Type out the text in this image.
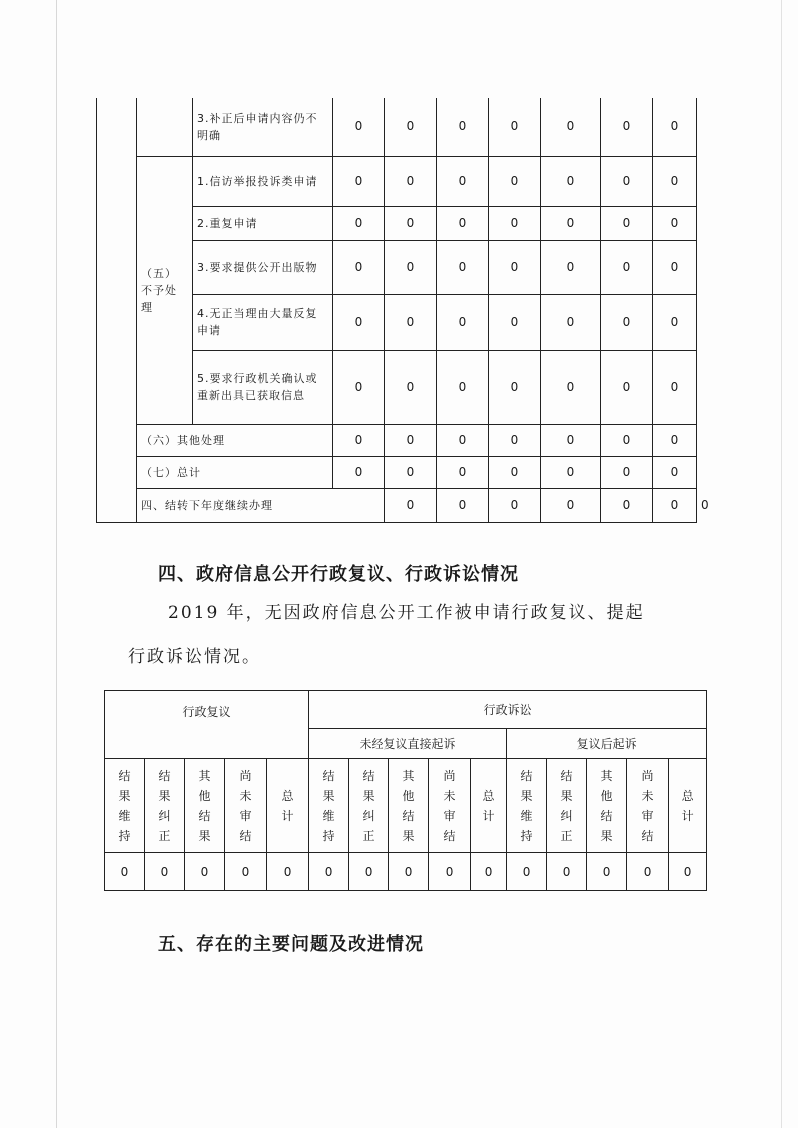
		3.补正后申请内容仍不明确	0	0	0	0	0	0	0	
	（五）不予处理	1.信访举报投诉类申请	0	0	0	0	0	0	0	
		2.重复申请	0	0	0	0	0	0	0	
		3.要求提供公开出版物	0	0	0	0	0	0	0	
		4.无正当理由大量反复申请	0	0	0	0	0	0	0	
		5.要求行政机关确认或重新出具已获取信息	0	0	0	0	0	0	0	
	（六）其他处理		0	0	0	0	0	0	0	
	（七）总计		0	0	0	0	0	0	0	
	四、结转下年度继续办理			0	0	0	0	0	0	0
四、政府信息公开行政复议、行政诉讼情况
2019 年，无因政府信息公开工作被申请行政复议、提起
行政诉讼情况。
行政复议					行政诉讼									
					未经复议直接起诉					复议后起诉				
结
果
维
持	结
果
纠
正	其
他
结
果	尚
未
审
结	总
计	结
果
维
持	结
果
纠
正	其
他
结
果	尚
未
审
结	总
计	结
果
维
持	结
果
纠
正	其
他
结
果	尚
未
审
结	总
计
0	0	0	0	0	0	0	0	0	0	0	0	0	0	0
五、存在的主要问题及改进情况
